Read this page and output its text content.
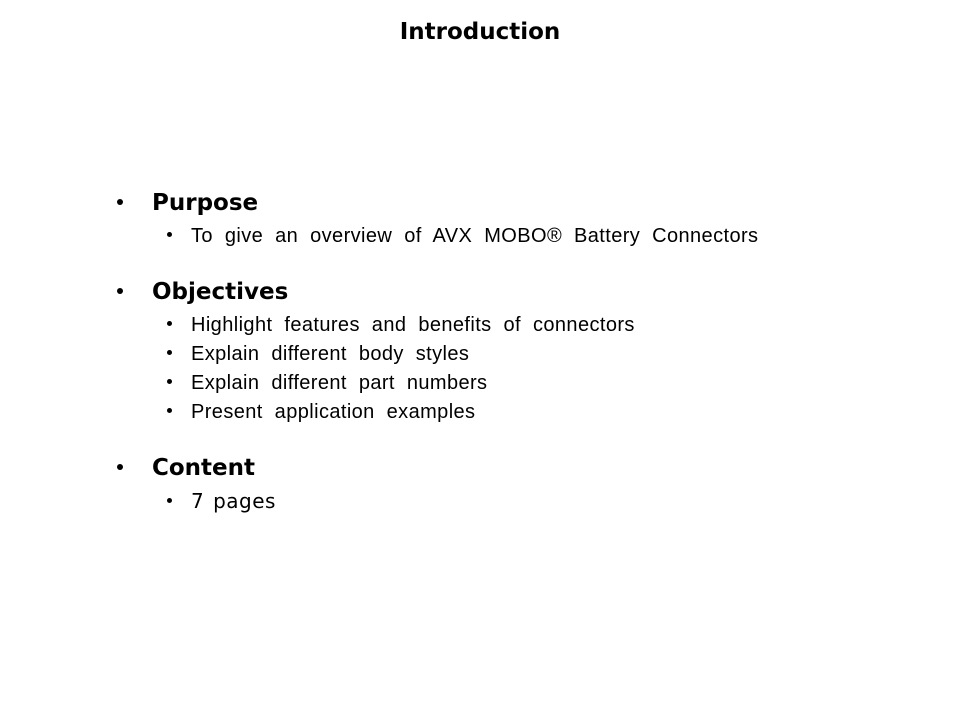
Introduction
Purpose
To give an overview of AVX MOBO® Battery Connectors
Objectives
Highlight features and benefits of connectors
Explain different body styles
Explain different part numbers
Present application examples
Content
7 pages
